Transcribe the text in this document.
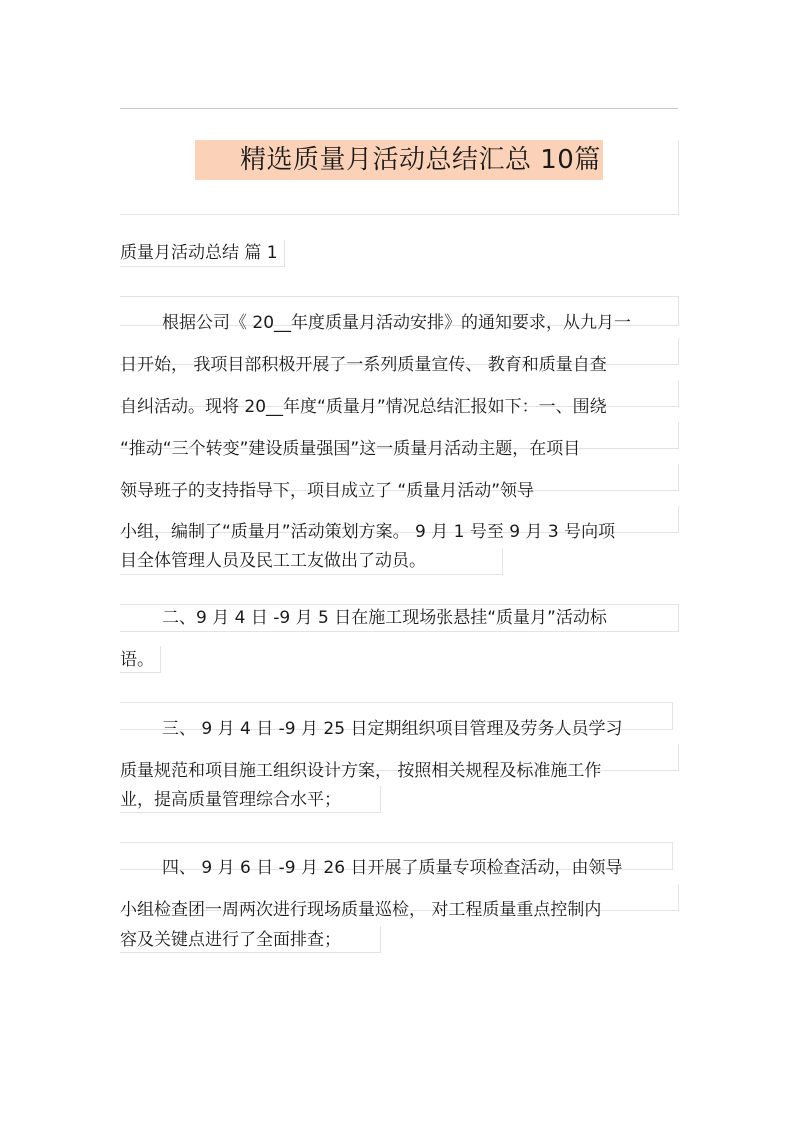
精选质量月活动总结汇总 10篇
质量月活动总结 篇 1
根据公司《 20__年度质量月活动安排》的通知要求，从九月一
日开始， 我项目部积极开展了一系列质量宣传、 教育和质量自查
自纠活动。现将 20__年度“质量月”情况总结汇报如下：一、围绕
“推动“三个转变”建设质量强国”这一质量月活动主题，在项目
领导班子的支持指导下，项目成立了 “质量月活动”领导
小组，编制了“质量月”活动策划方案。 9 月 1 号至 9 月 3 号向项
目全体管理人员及民工工友做出了动员。
二、9 月 4 日 -9 月 5 日在施工现场张悬挂“质量月”活动标
语。
三、 9 月 4 日 -9 月 25 日定期组织项目管理及劳务人员学习
质量规范和项目施工组织设计方案， 按照相关规程及标准施工作
业，提高质量管理综合水平；
四、 9 月 6 日 -9 月 26 日开展了质量专项检查活动，由领导
小组检查团一周两次进行现场质量巡检， 对工程质量重点控制内
容及关键点进行了全面排查；
